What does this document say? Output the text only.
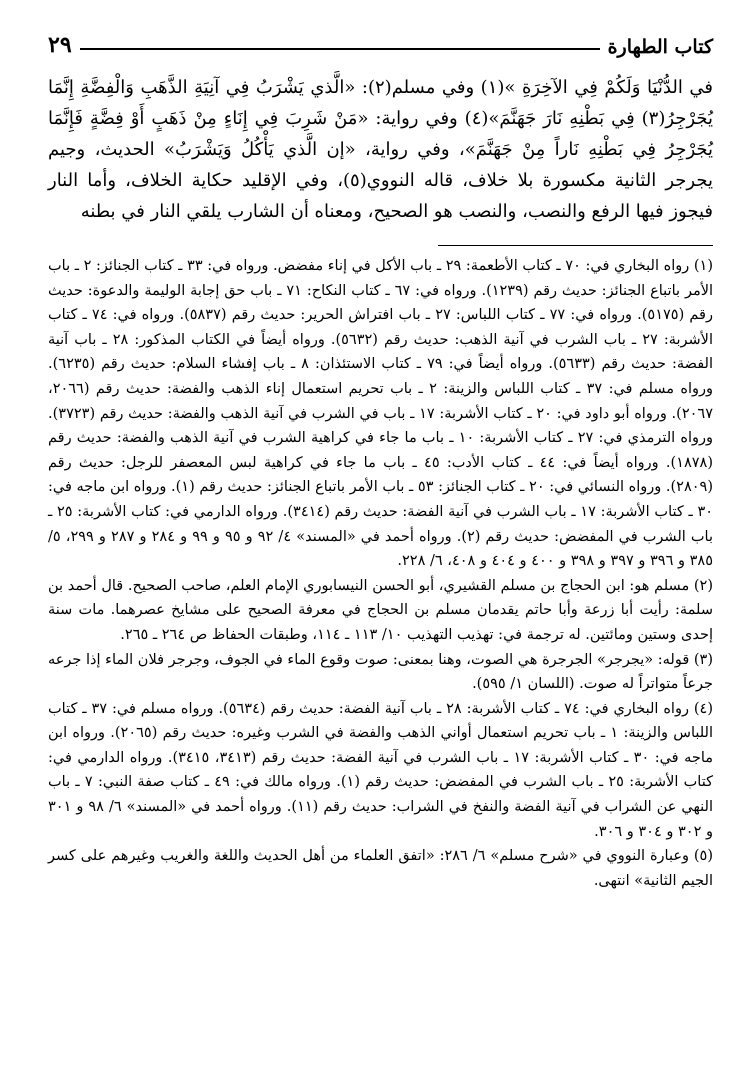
كتاب الطهارة
٢٩

في الدُّنْيَا وَلَكُمْ فِي الآخِرَةِ »(١) وفي مسلم(٢): «الَّذي يَشْرَبُ فِي آنِيَةِ الذَّهَبِ وَالْفِضَّةِ إِنَّمَا يُجَرْجِرُ(٣) فِي بَطْنِهِ نَارَ جَهَنَّمَ»(٤) وفي رواية: «مَنْ شَرِبَ فِي إِنَاءٍ مِنْ ذَهَبٍ أَوْ فِضَّةٍ فَإِنَّمَا يُجَرْجِرُ فِي بَطْنِهِ نَاراً مِنْ جَهَنَّمَ»، وفي رواية، «إن الَّذي يَأْكُلُ وَيَشْرَبُ» الحديث، وجيم يجرجر الثانية مكسورة بلا خلاف، قاله النووي(٥)، وفي الإقليد حكاية الخلاف، وأما النار فيجوز فيها الرفع والنصب، والنصب هو الصحيح، ومعناه أن الشارب يلقي النار في بطنه

(١) رواه البخاري في: ٧٠ ـ كتاب الأطعمة: ٢٩ ـ باب الأكل في إناء مفضض. ورواه في: ٣٣ ـ كتاب الجنائز: ٢ ـ باب الأمر باتباع الجنائز: حديث رقم (١٢٣٩). ورواه في: ٦٧ ـ كتاب النكاح: ٧١ ـ باب حق إجابة الوليمة والدعوة: حديث رقم (٥١٧٥). ورواه في: ٧٧ ـ كتاب اللباس: ٢٧ ـ باب افتراش الحرير: حديث رقم (٥٨٣٧). ورواه في: ٧٤ ـ كتاب الأشربة: ٢٧ ـ باب الشرب في آنية الذهب: حديث رقم (٥٦٣٢). ورواه أيضاً في الكتاب المذكور: ٢٨ ـ باب آنية الفضة: حديث رقم (٥٦٣٣). ورواه أيضاً في: ٧٩ ـ كتاب الاستئذان: ٨ ـ باب إفشاء السلام: حديث رقم (٦٢٣٥). ورواه مسلم في: ٣٧ ـ كتاب اللباس والزينة: ٢ ـ باب تحريم استعمال إناء الذهب والفضة: حديث رقم (٢٠٦٦، ٢٠٦٧). ورواه أبو داود في: ٢٠ ـ كتاب الأشربة: ١٧ ـ باب في الشرب في آنية الذهب والفضة: حديث رقم (٣٧٢٣). ورواه الترمذي في: ٢٧ ـ كتاب الأشربة: ١٠ ـ باب ما جاء في كراهية الشرب في آنية الذهب والفضة: حديث رقم (١٨٧٨). ورواه أيضاً في: ٤٤ ـ كتاب الأدب: ٤٥ ـ باب ما جاء في كراهية لبس المعصفر للرجل: حديث رقم (٢٨٠٩). ورواه النسائي في: ٢٠ ـ كتاب الجنائز: ٥٣ ـ باب الأمر باتباع الجنائز: حديث رقم (١). ورواه ابن ماجه في: ٣٠ ـ كتاب الأشربة: ١٧ ـ باب الشرب في آنية الفضة: حديث رقم (٣٤١٤). ورواه الدارمي في: كتاب الأشربة: ٢٥ ـ باب الشرب في المفضض: حديث رقم (٢). ورواه أحمد في «المسند» ٤/ ٩٢ و ٩٥ و ٩٩ و ٢٨٤ و ٢٨٧ و ٢٩٩، ٥/ ٣٨٥ و ٣٩٦ و ٣٩٧ و ٣٩٨ و ٤٠٠ و ٤٠٤ و ٤٠٨، ٦/ ٢٢٨.

(٢) مسلم هو: ابن الحجاج بن مسلم القشيري، أبو الحسن النيسابوري الإمام العلم، صاحب الصحيح. قال أحمد بن سلمة: رأيت أبا زرعة وأبا حاتم يقدمان مسلم بن الحجاج في معرفة الصحيح على مشايخ عصرهما. مات سنة إحدى وستين ومائتين. له ترجمة في: تهذيب التهذيب ١٠/ ١١٣ ـ ١١٤، وطبقات الحفاظ ص ٢٦٤ ـ ٢٦٥.

(٣) قوله: «يجرجر» الجرجرة هي الصوت، وهنا بمعنى: صوت وقوع الماء في الجوف، وجرجر فلان الماء إذا جرعه جرعاً متواتراً له صوت. (اللسان ١/ ٥٩٥).

(٤) رواه البخاري في: ٧٤ ـ كتاب الأشربة: ٢٨ ـ باب آنية الفضة: حديث رقم (٥٦٣٤). ورواه مسلم في: ٣٧ ـ كتاب اللباس والزينة: ١ ـ باب تحريم استعمال أواني الذهب والفضة في الشرب وغيره: حديث رقم (٢٠٦٥). ورواه ابن ماجه في: ٣٠ ـ كتاب الأشربة: ١٧ ـ باب الشرب في آنية الفضة: حديث رقم (٣٤١٣، ٣٤١٥). ورواه الدارمي في: كتاب الأشربة: ٢٥ ـ باب الشرب في المفضض: حديث رقم (١). ورواه مالك في: ٤٩ ـ كتاب صفة النبي: ٧ ـ باب النهي عن الشراب في آنية الفضة والنفخ في الشراب: حديث رقم (١١). ورواه أحمد في «المسند» ٦/ ٩٨ و ٣٠١ و ٣٠٢ و ٣٠٤ و ٣٠٦.

(٥) وعبارة النووي في «شرح مسلم» ٦/ ٢٨٦: «اتفق العلماء من أهل الحديث واللغة والغريب وغيرهم على كسر الجيم الثانية» انتهى.
